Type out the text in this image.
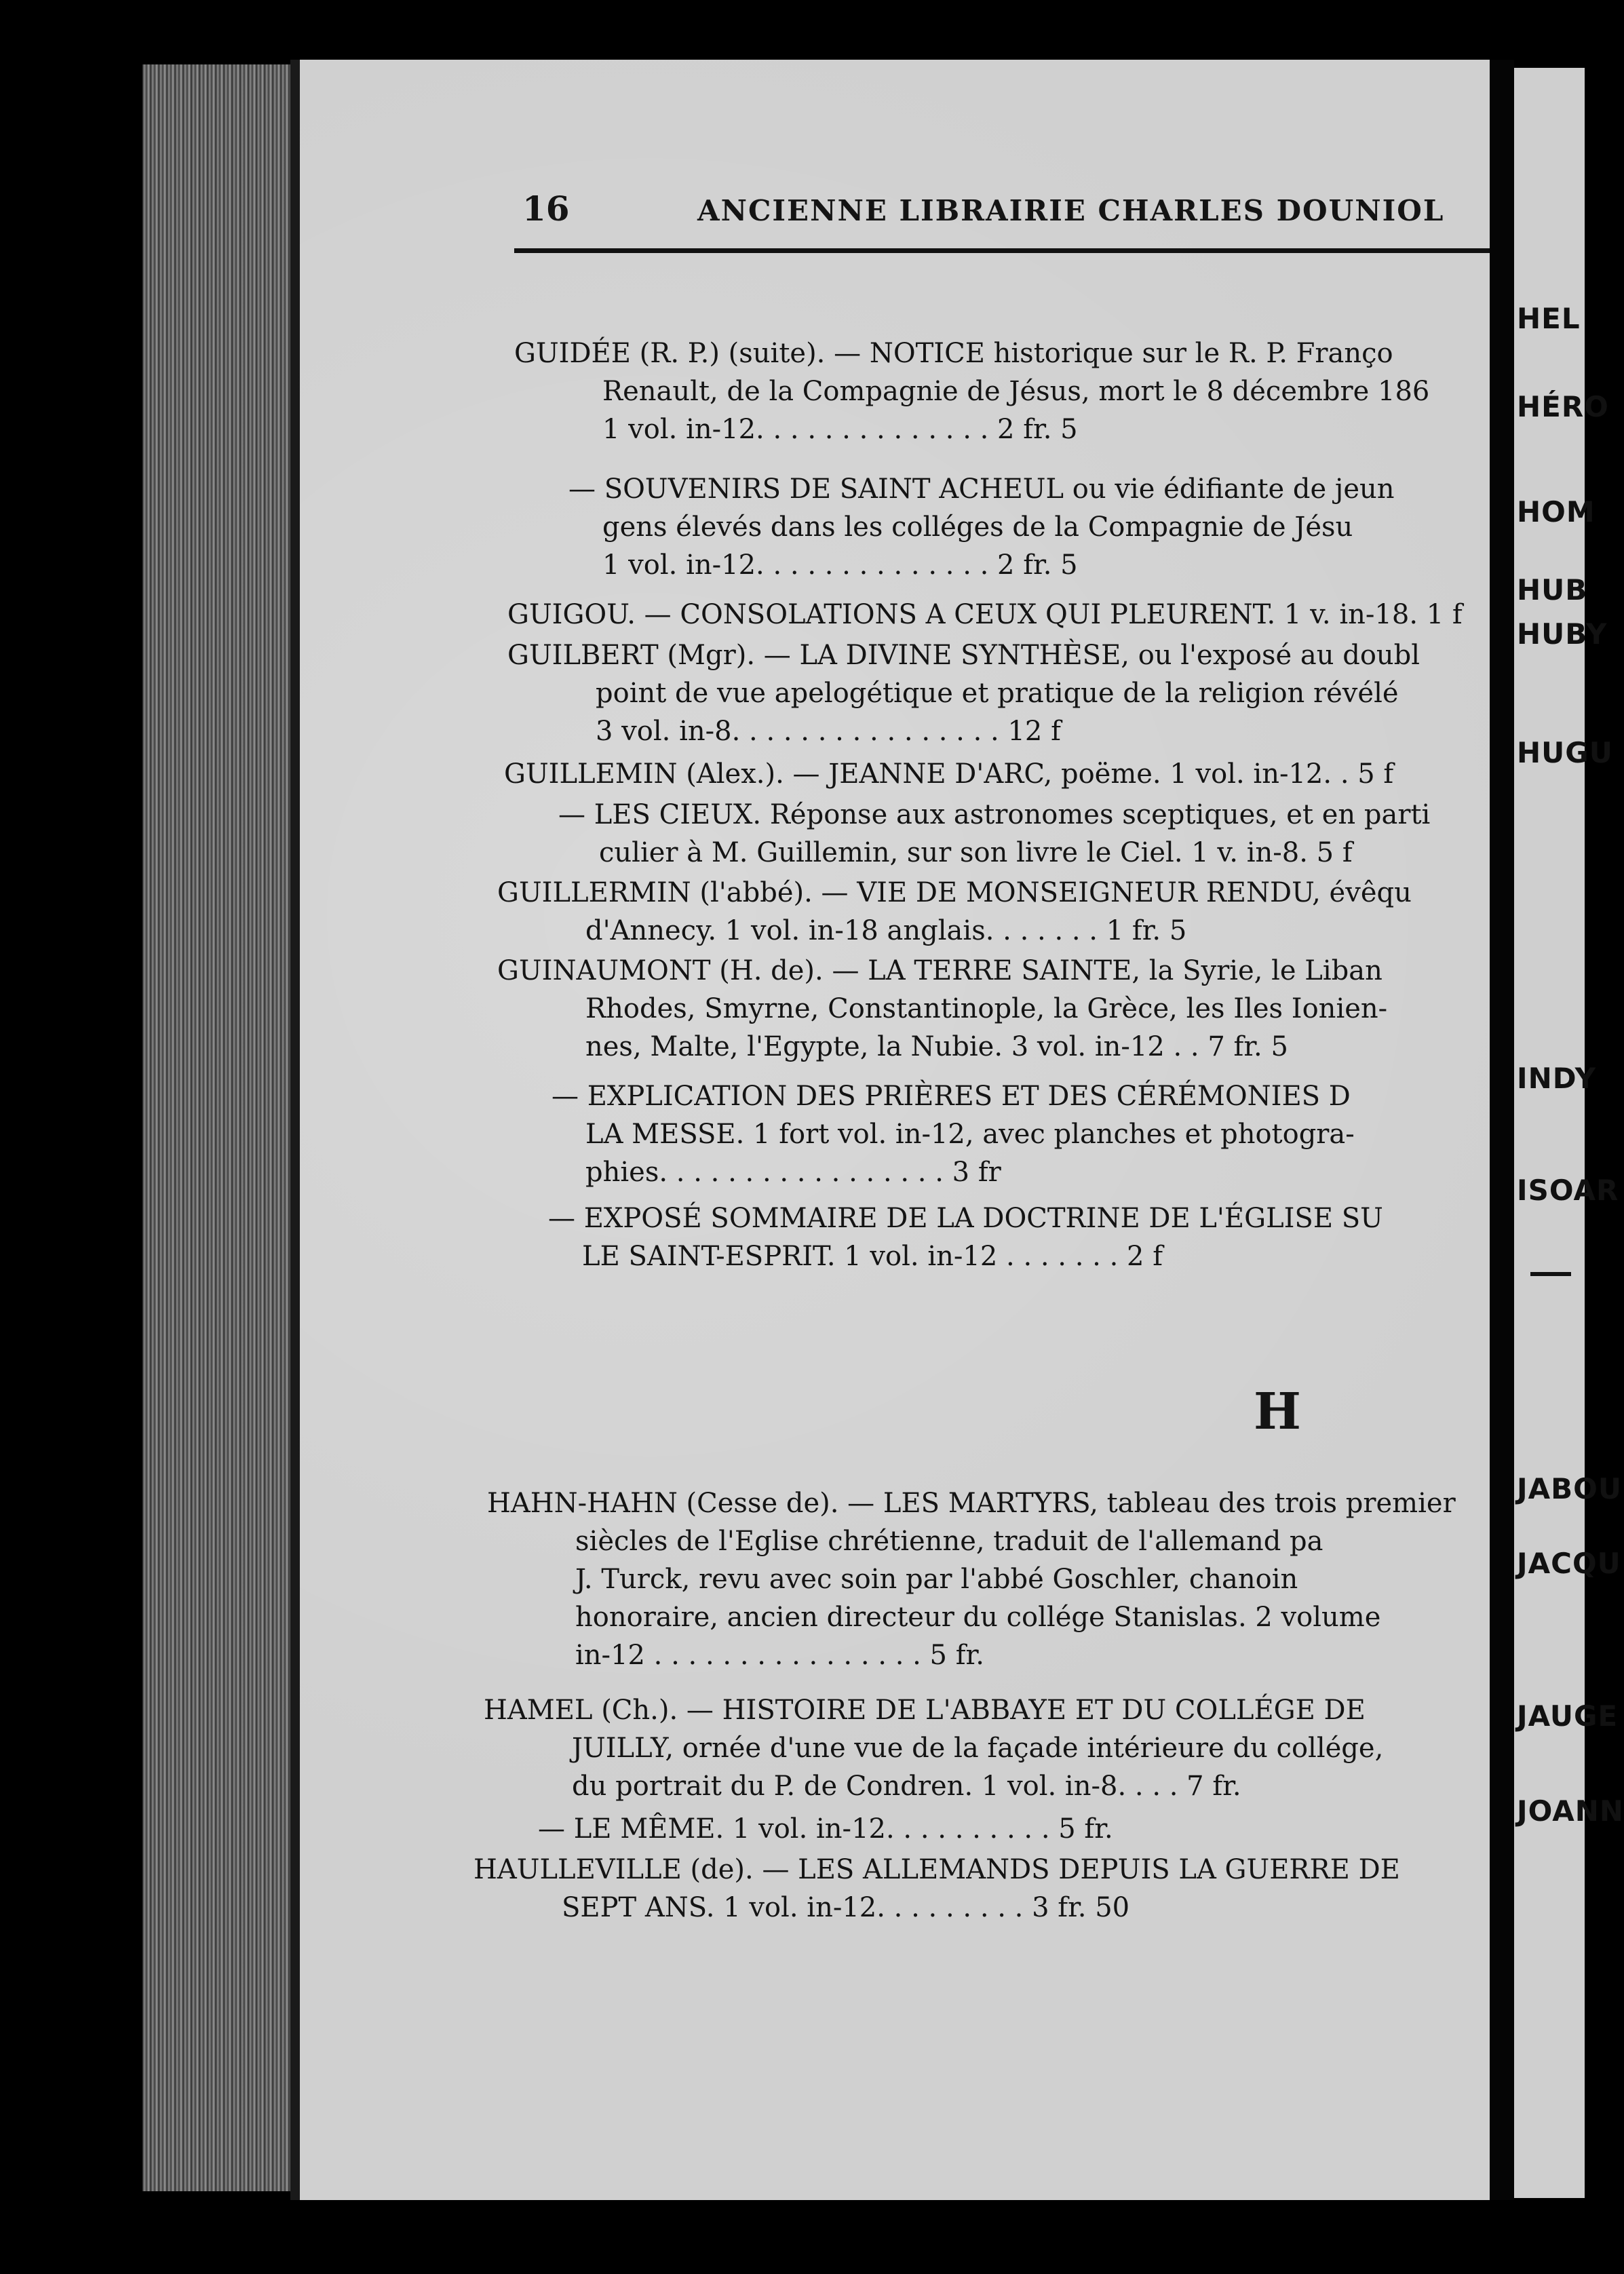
16	ANCIENNE LIBRAIRIE CHARLES DOUNIOL
GUIDÉE (R. P.) (suite). — NOTICE historique sur le R. P. Franço
Renault, de la Compagnie de Jésus, mort le 8 décembre 186
1 vol. in-12. . . . . . . . . . . . . . 2 fr. 5
— SOUVENIRS DE SAINT ACHEUL ou vie édifiante de jeun
gens élevés dans les colléges de la Compagnie de Jésu
1 vol. in-12. . . . . . . . . . . . . . 2 fr. 5
GUIGOU. — CONSOLATIONS A CEUX QUI PLEURENT. 1 v. in-18. 1 f
GUILBERT (Mgr). — LA DIVINE SYNTHÈSE, ou l'exposé au doubl
point de vue apelogétique et pratique de la religion révélé
3 vol. in-8. . . . . . . . . . . . . . . . 12 f
GUILLEMIN (Alex.). — JEANNE D'ARC, poëme. 1 vol. in-12. . 5 f
— LES CIEUX. Réponse aux astronomes sceptiques, et en parti
culier à M. Guillemin, sur son livre le Ciel. 1 v. in-8. 5 f
GUILLERMIN (l'abbé). — VIE DE MONSEIGNEUR RENDU, évêqu
d'Annecy. 1 vol. in-18 anglais. . . . . . . 1 fr. 5
GUINAUMONT (H. de). — LA TERRE SAINTE, la Syrie, le Liban
Rhodes, Smyrne, Constantinople, la Grèce, les Iles Ionien-
nes, Malte, l'Egypte, la Nubie. 3 vol. in-12 . . 7 fr. 5
— EXPLICATION DES PRIÈRES ET DES CÉRÉMONIES D
LA MESSE. 1 fort vol. in-12, avec planches et photogra-
phies. . . . . . . . . . . . . . . . . 3 fr
— EXPOSÉ SOMMAIRE DE LA DOCTRINE DE L'ÉGLISE SU
LE SAINT-ESPRIT. 1 vol. in-12 . . . . . . . 2 f
H
HAHN-HAHN (Cesse de). — LES MARTYRS, tableau des trois premier
siècles de l'Eglise chrétienne, traduit de l'allemand pa
J. Turck, revu avec soin par l'abbé Goschler, chanoin
honoraire, ancien directeur du collége Stanislas. 2 volume
in-12 . . . . . . . . . . . . . . . . 5 fr.
HAMEL (Ch.). — HISTOIRE DE L'ABBAYE ET DU COLLÉGE DE
JUILLY, ornée d'une vue de la façade intérieure du collége,
du portrait du P. de Condren. 1 vol. in-8. . . . 7 fr.
— LE MÊME. 1 vol. in-12. . . . . . . . . . 5 fr.
HAULLEVILLE (de). — LES ALLEMANDS DEPUIS LA GUERRE DE
SEPT ANS. 1 vol. in-12. . . . . . . . . 3 fr. 50
HEL
HÉRO
HOM
HUB
HUBY
HUGU
INDY
ISOAR
JABOU
JACQU
JAUGE
JOANN
